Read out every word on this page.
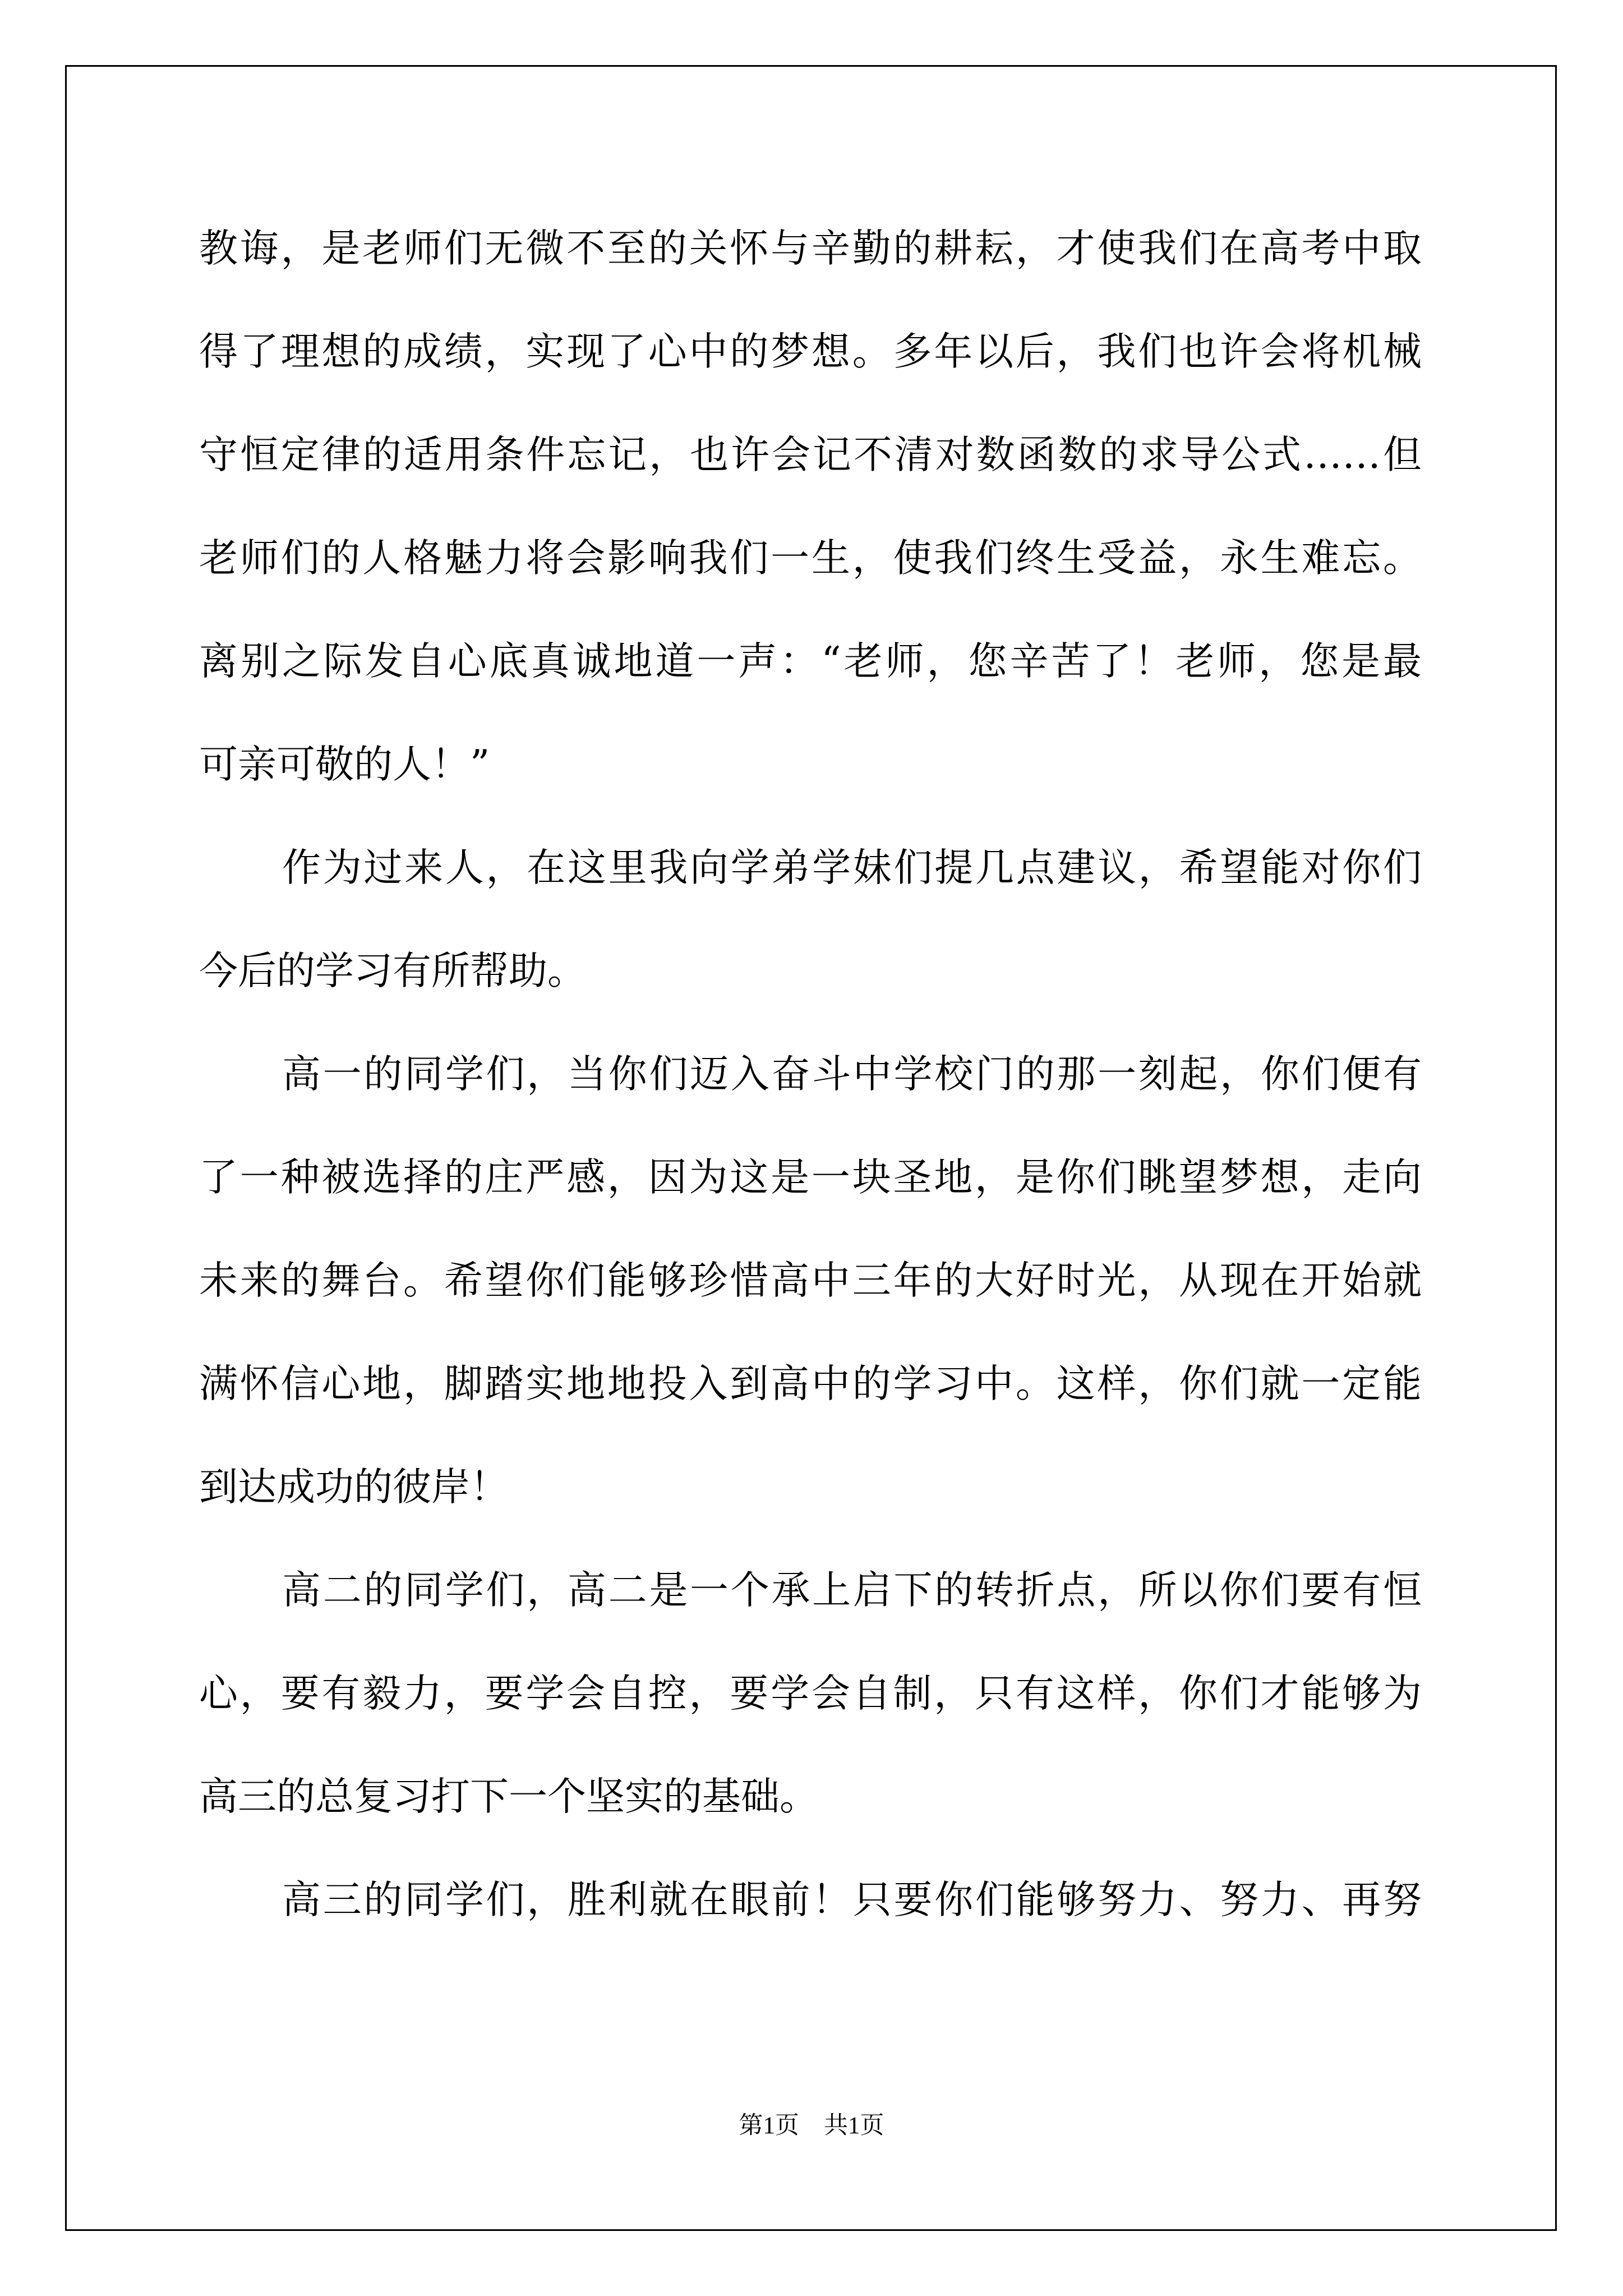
教诲，是老师们无微不至的关怀与辛勤的耕耘，才使我们在高考中取
得了理想的成绩，实现了心中的梦想。多年以后，我们也许会将机械
守恒定律的适用条件忘记，也许会记不清对数函数的求导公式……但
老师们的人格魅力将会影响我们一生，使我们终生受益，永生难忘。
离别之际发自心底真诚地道一声：“老师，您辛苦了！老师，您是最
可亲可敬的人！”
作为过来人，在这里我向学弟学妹们提几点建议，希望能对你们
今后的学习有所帮助。
高一的同学们，当你们迈入奋斗中学校门的那一刻起，你们便有
了一种被选择的庄严感，因为这是一块圣地，是你们眺望梦想，走向
未来的舞台。希望你们能够珍惜高中三年的大好时光，从现在开始就
满怀信心地，脚踏实地地投入到高中的学习中。这样，你们就一定能
到达成功的彼岸！
高二的同学们，高二是一个承上启下的转折点，所以你们要有恒
心，要有毅力，要学会自控，要学会自制，只有这样，你们才能够为
高三的总复习打下一个坚实的基础。
高三的同学们，胜利就在眼前！只要你们能够努力、努力、再努
第1页 共1页
